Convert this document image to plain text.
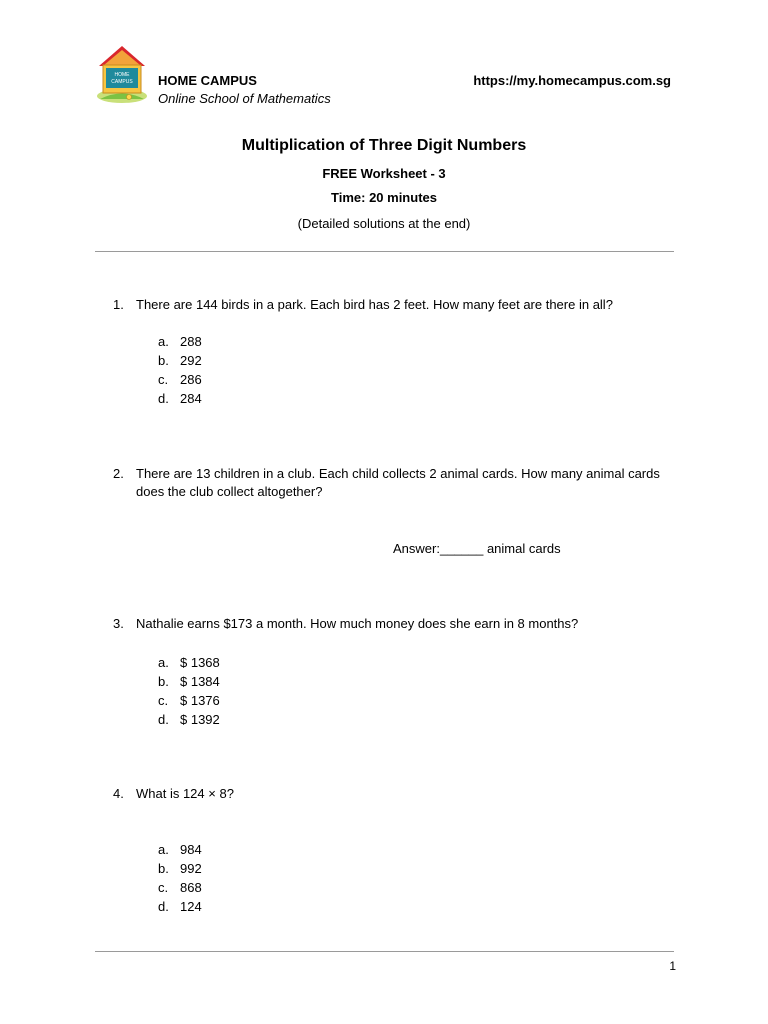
HOME
CAMPUS HOME CAMPUS
Online School of Mathematics
https://my.homecampus.com.sg
Multiplication of Three Digit Numbers
FREE Worksheet - 3
Time: 20 minutes
(Detailed solutions at the end)
1. There are 144 birds in a park. Each bird has 2 feet. How many feet are there in all?
a. 288
b. 292
c. 286
d. 284
2. There are 13 children in a club. Each child collects 2 animal cards. How many animal cards does the club collect altogether?
Answer:______ animal cards
3. Nathalie earns $173 a month. How much money does she earn in 8 months?
a. $ 1368
b. $ 1384
c. $ 1376
d. $ 1392
4. What is 124 × 8?
a. 984
b. 992
c. 868
d. 124
1
